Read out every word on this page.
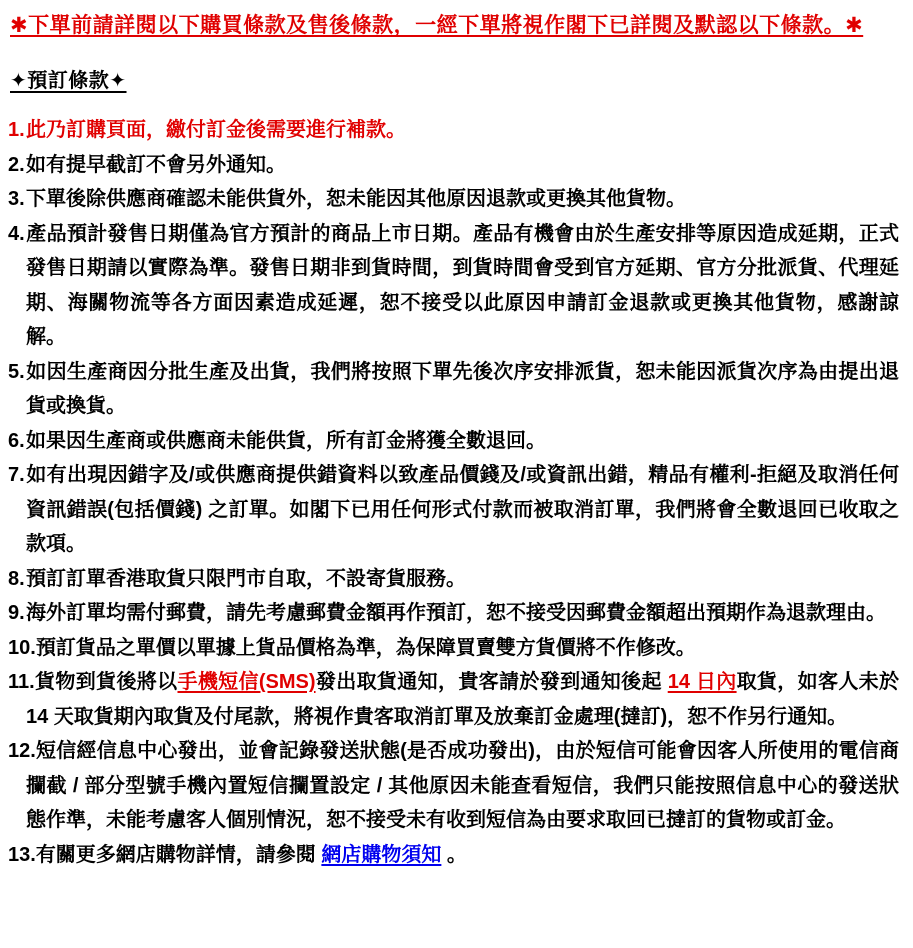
✱下單前請詳閱以下購買條款及售後條款，一經下單將視作閣下已詳閱及默認以下條款。✱
✦預訂條款✦
1.此乃訂購頁面，繳付訂金後需要進行補款。
2.如有提早截訂不會另外通知。
3.下單後除供應商確認未能供貨外，恕未能因其他原因退款或更換其他貨物。
4.產品預計發售日期僅為官方預計的商品上市日期。產品有機會由於生產安排等原因造成延期，正式發售日期請以實際為準。發售日期非到貨時間，到貨時間會受到官方延期、官方分批派貨、代理延期、海關物流等各方面因素造成延遲，恕不接受以此原因申請訂金退款或更換其他貨物，感謝諒解。
5.如因生產商因分批生產及出貨，我們將按照下單先後次序安排派貨，恕未能因派貨次序為由提出退貨或換貨。
6.如果因生產商或供應商未能供貨，所有訂金將獲全數退回。
7.如有出現因錯字及/或供應商提供錯資料以致產品價錢及/或資訊出錯，精品有權利-拒絕及取消任何資訊錯誤(包括價錢) 之訂單。如閣下已用任何形式付款而被取消訂單，我們將會全數退回已收取之款項。
8.預訂訂單香港取貨只限門市自取，不設寄貨服務。
9.海外訂單均需付郵費，請先考慮郵費金額再作預訂，恕不接受因郵費金額超出預期作為退款理由。
10.預訂貨品之單價以單據上貨品價格為準，為保障買賣雙方貨價將不作修改。
11.貨物到貨後將以手機短信(SMS)發出取貨通知，貴客請於發到通知後起 14 日內取貨，如客人未於 14 天取貨期內取貨及付尾款，將視作貴客取消訂單及放棄訂金處理(撻訂)，恕不作另行通知。
12.短信經信息中心發出，並會記錄發送狀態(是否成功發出)，由於短信可能會因客人所使用的電信商攔截 / 部分型號手機內置短信攔置設定 / 其他原因未能查看短信，我們只能按照信息中心的發送狀態作準，未能考慮客人個別情況，恕不接受未有收到短信為由要求取回已撻訂的貨物或訂金。
13.有關更多網店購物詳情，請參閱 網店購物須知 。
